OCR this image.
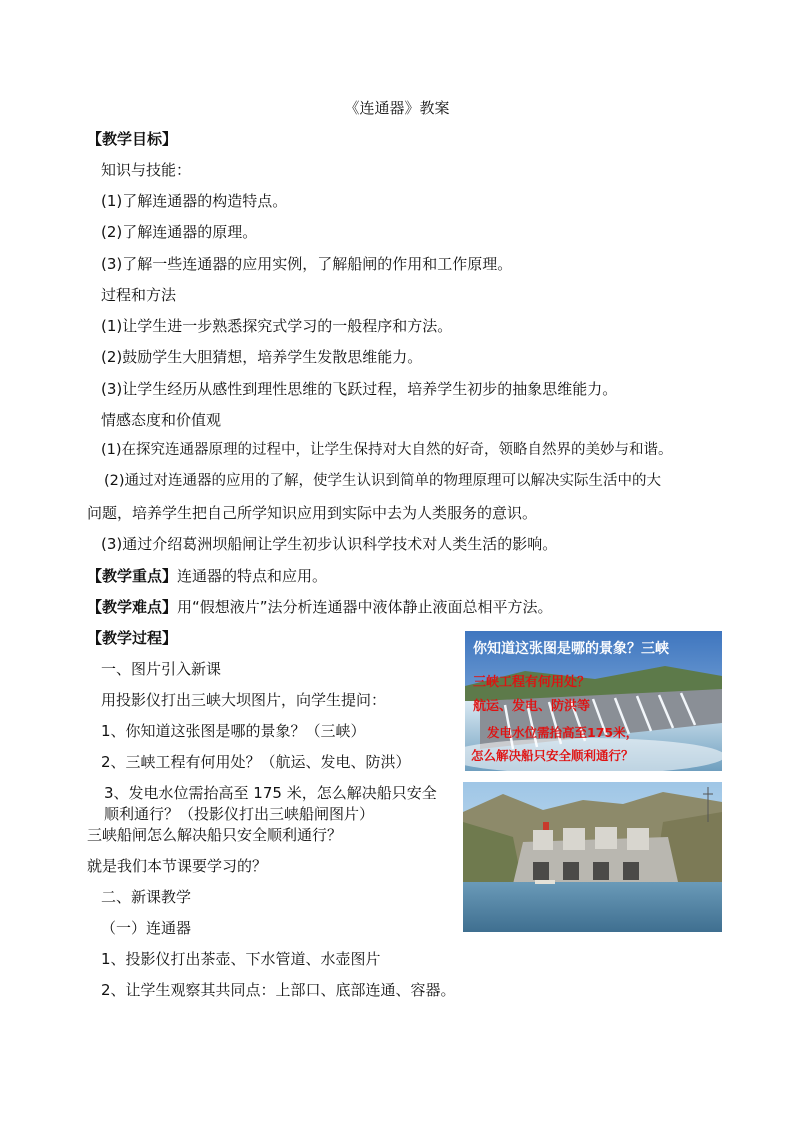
《连通器》教案
【教学目标】
知识与技能：
(1)了解连通器的构造特点。
(2)了解连通器的原理。
(3)了解一些连通器的应用实例，了解船闸的作用和工作原理。
过程和方法
(1)让学生进一步熟悉探究式学习的一般程序和方法。
(2)鼓励学生大胆猜想，培养学生发散思维能力。
(3)让学生经历从感性到理性思维的飞跃过程，培养学生初步的抽象思维能力。
情感态度和价值观
(1)在探究连通器原理的过程中，让学生保持对大自然的好奇，领略自然界的美妙与和谐。
(2)通过对连通器的应用的了解，使学生认识到简单的物理原理可以解决实际生活中的大
问题，培养学生把自己所学知识应用到实际中去为人类服务的意识。
(3)通过介绍葛洲坝船闸让学生初步认识科学技术对人类生活的影响。
【教学重点】连通器的特点和应用。
【教学难点】用“假想液片”法分析连通器中液体静止液面总相平方法。
【教学过程】
一、图片引入新课
用投影仪打出三峡大坝图片，向学生提问：
1、你知道这张图是哪的景象？（三峡）
2、三峡工程有何用处？（航运、发电、防洪）
3、发电水位需抬高至 175 米，怎么解决船只安全
顺利通行？（投影仪打出三峡船闸图片）
三峡船闸怎么解决船只安全顺利通行？
就是我们本节课要学习的？
二、新课教学
（一）连通器
1、投影仪打出茶壶、下水管道、水壶图片
2、让学生观察其共同点：上部口、底部连通、容器。
你知道这张图是哪的景象？三峡
三峡工程有何用处？
航运、发电、防洪等
发电水位需抬高至175米，
怎么解决船只安全顺利通行？
